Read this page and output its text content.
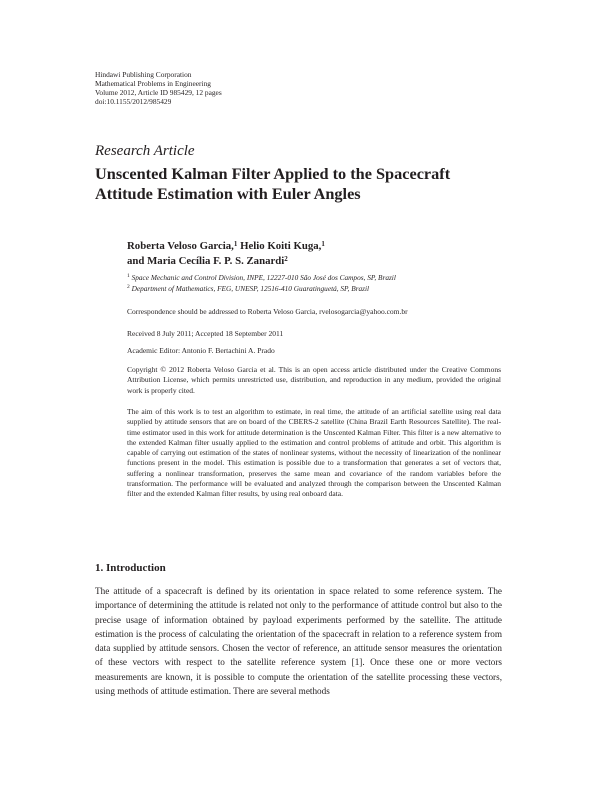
Hindawi Publishing Corporation
Mathematical Problems in Engineering
Volume 2012, Article ID 985429, 12 pages
doi:10.1155/2012/985429
Research Article
Unscented Kalman Filter Applied to the Spacecraft
Attitude Estimation with Euler Angles
Roberta Veloso Garcia,$^1$ Helio Koiti Kuga,$^1$
and Maria Cecília F. P. S. Zanardi$^2$
$^1$ Space Mechanic and Control Division, INPE, 12227-010 São José dos Campos, SP, Brazil
$^2$ Department of Mathematics, FEG, UNESP, 12516-410 Guaratinguetá, SP, Brazil
Correspondence should be addressed to Roberta Veloso Garcia, rvelosogarcia@yahoo.com.br
Received 8 July 2011; Accepted 18 September 2011
Academic Editor: Antonio F. Bertachini A. Prado
Copyright © 2012 Roberta Veloso Garcia et al. This is an open access article distributed under the Creative Commons Attribution License, which permits unrestricted use, distribution, and reproduction in any medium, provided the original work is properly cited.
The aim of this work is to test an algorithm to estimate, in real time, the attitude of an artificial satellite using real data supplied by attitude sensors that are on board of the CBERS-2 satellite (China Brazil Earth Resources Satellite). The real-time estimator used in this work for attitude determination is the Unscented Kalman Filter. This filter is a new alternative to the extended Kalman filter usually applied to the estimation and control problems of attitude and orbit. This algorithm is capable of carrying out estimation of the states of nonlinear systems, without the necessity of linearization of the nonlinear functions present in the model. This estimation is possible due to a transformation that generates a set of vectors that, suffering a nonlinear transformation, preserves the same mean and covariance of the random variables before the transformation. The performance will be evaluated and analyzed through the comparison between the Unscented Kalman filter and the extended Kalman filter results, by using real onboard data.
1. Introduction
The attitude of a spacecraft is defined by its orientation in space related to some reference system. The importance of determining the attitude is related not only to the performance of attitude control but also to the precise usage of information obtained by payload experiments performed by the satellite. The attitude estimation is the process of calculating the orientation of the spacecraft in relation to a reference system from data supplied by attitude sensors. Chosen the vector of reference, an attitude sensor measures the orientation of these vectors with respect to the satellite reference system [1]. Once these one or more vectors measurements are known, it is possible to compute the orientation of the satellite processing these vectors, using methods of attitude estimation. There are several methods
